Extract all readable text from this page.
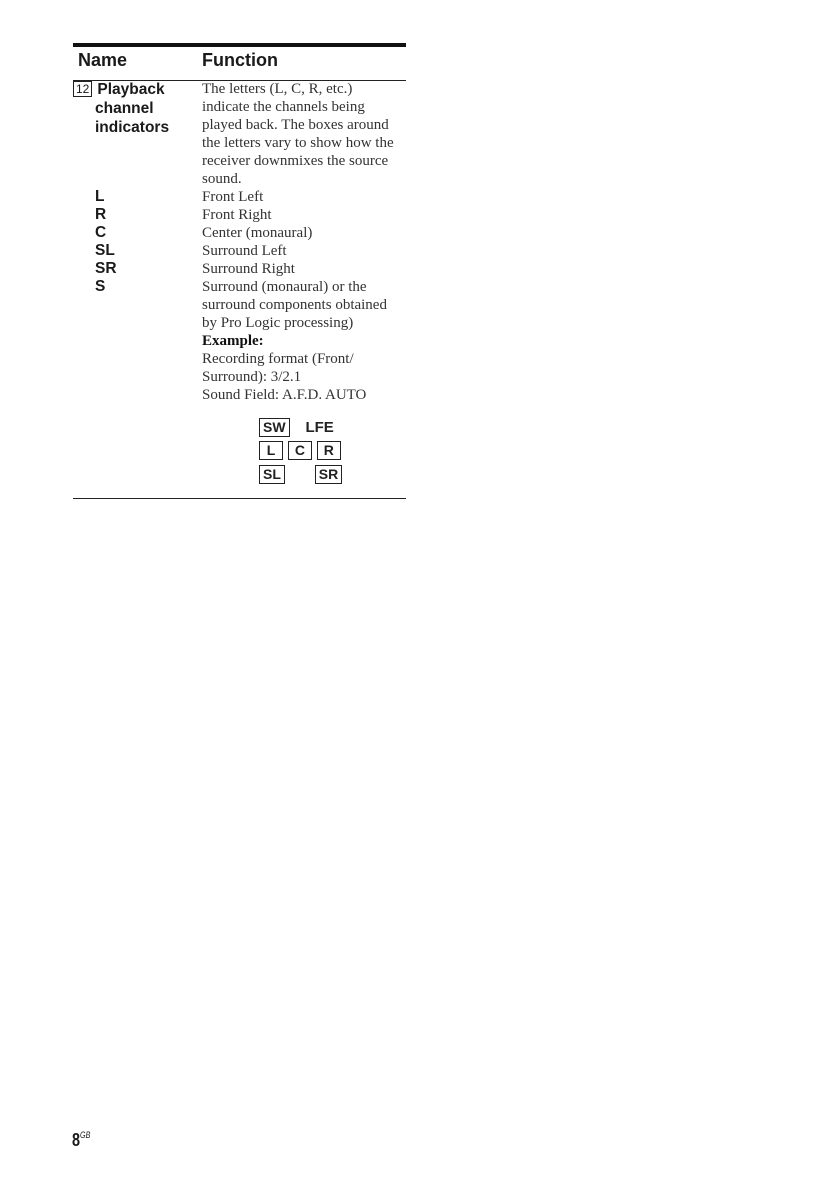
Name	Function
12 Playback
channel
indicators
L
R
C
SL
SR
S
The letters (L, C, R, etc.)
indicate the channels being
played back. The boxes around
the letters vary to show how the
receiver downmixes the source
sound.
Front Left
Front Right
Center (monaural)
Surround Left
Surround Right
Surround (monaural) or the
surround components obtained
by Pro Logic processing)
Example:
Recording format (Front/
Surround): 3/2.1
Sound Field: A.F.D. AUTO
SW LFE
L C R
SL	SR
$8^{GB}$
